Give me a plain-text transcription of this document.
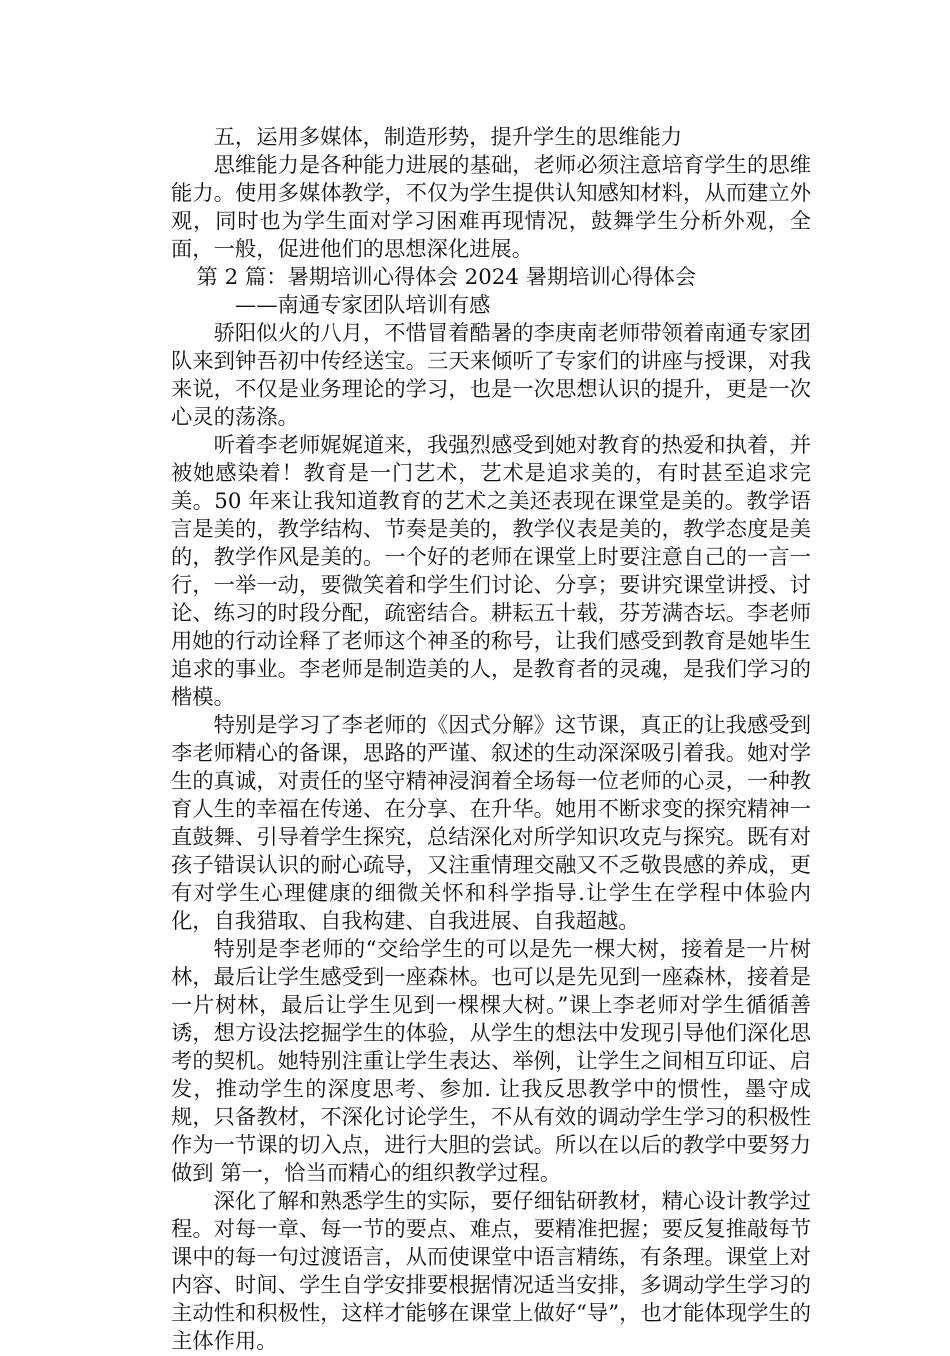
五，运用多媒体，制造形势，提升学生的思维能力

思维能力是各种能力进展的基础，老师必须注意培育学生的思维能力。使用多媒体教学，不仅为学生提供认知感知材料，从而建立外观，同时也为学生面对学习困难再现情况，鼓舞学生分析外观，全面，一般，促进他们的思想深化进展。

第 2 篇：暑期培训心得体会 2024 暑期培训心得体会

——南通专家团队培训有感

骄阳似火的八月，不惜冒着酷暑的李庚南老师带领着南通专家团队来到钟吾初中传经送宝。三天来倾听了专家们的讲座与授课，对我来说，不仅是业务理论的学习，也是一次思想认识的提升，更是一次心灵的荡涤。

听着李老师娓娓道来，我强烈感受到她对教育的热爱和执着，并被她感染着！教育是一门艺术，艺术是追求美的，有时甚至追求完美。50 年来让我知道教育的艺术之美还表现在课堂是美的。教学语言是美的，教学结构、节奏是美的，教学仪表是美的，教学态度是美的，教学作风是美的。一个好的老师在课堂上时要注意自己的一言一行，一举一动，要微笑着和学生们讨论、分享；要讲究课堂讲授、讨论、练习的时段分配，疏密结合。耕耘五十载，芬芳满杏坛。李老师用她的行动诠释了老师这个神圣的称号，让我们感受到教育是她毕生追求的事业。李老师是制造美的人，是教育者的灵魂，是我们学习的楷模。

特别是学习了李老师的《因式分解》这节课，真正的让我感受到李老师精心的备课，思路的严谨、叙述的生动深深吸引着我。她对学生的真诚，对责任的坚守精神浸润着全场每一位老师的心灵，一种教育人生的幸福在传递、在分享、在升华。她用不断求变的探究精神一直鼓舞、引导着学生探究，总结深化对所学知识攻克与探究。既有对孩子错误认识的耐心疏导，又注重情理交融又不乏敬畏感的养成，更有对学生心理健康的细微关怀和科学指导.让学生在学程中体验内化，自我猎取、自我构建、自我进展、自我超越。

特别是李老师的“交给学生的可以是先一棵大树，接着是一片树林，最后让学生感受到一座森林。也可以是先见到一座森林，接着是一片树林，最后让学生见到一棵棵大树。”课上李老师对学生循循善诱，想方设法挖掘学生的体验，从学生的想法中发现引导他们深化思考的契机。她特别注重让学生表达、举例，让学生之间相互印证、启发，推动学生的深度思考、参加. 让我反思教学中的惯性，墨守成规，只备教材，不深化讨论学生，不从有效的调动学生学习的积极性作为一节课的切入点，进行大胆的尝试。所以在以后的教学中要努力做到 第一，恰当而精心的组织教学过程。

深化了解和熟悉学生的实际，要仔细钻研教材，精心设计教学过程。对每一章、每一节的要点、难点，要精准把握；要反复推敲每节课中的每一句过渡语言，从而使课堂中语言精练，有条理。课堂上对内容、时间、学生自学安排要根据情况适当安排，多调动学生学习的主动性和积极性，这样才能够在课堂上做好“导”，也才能体现学生的主体作用。
